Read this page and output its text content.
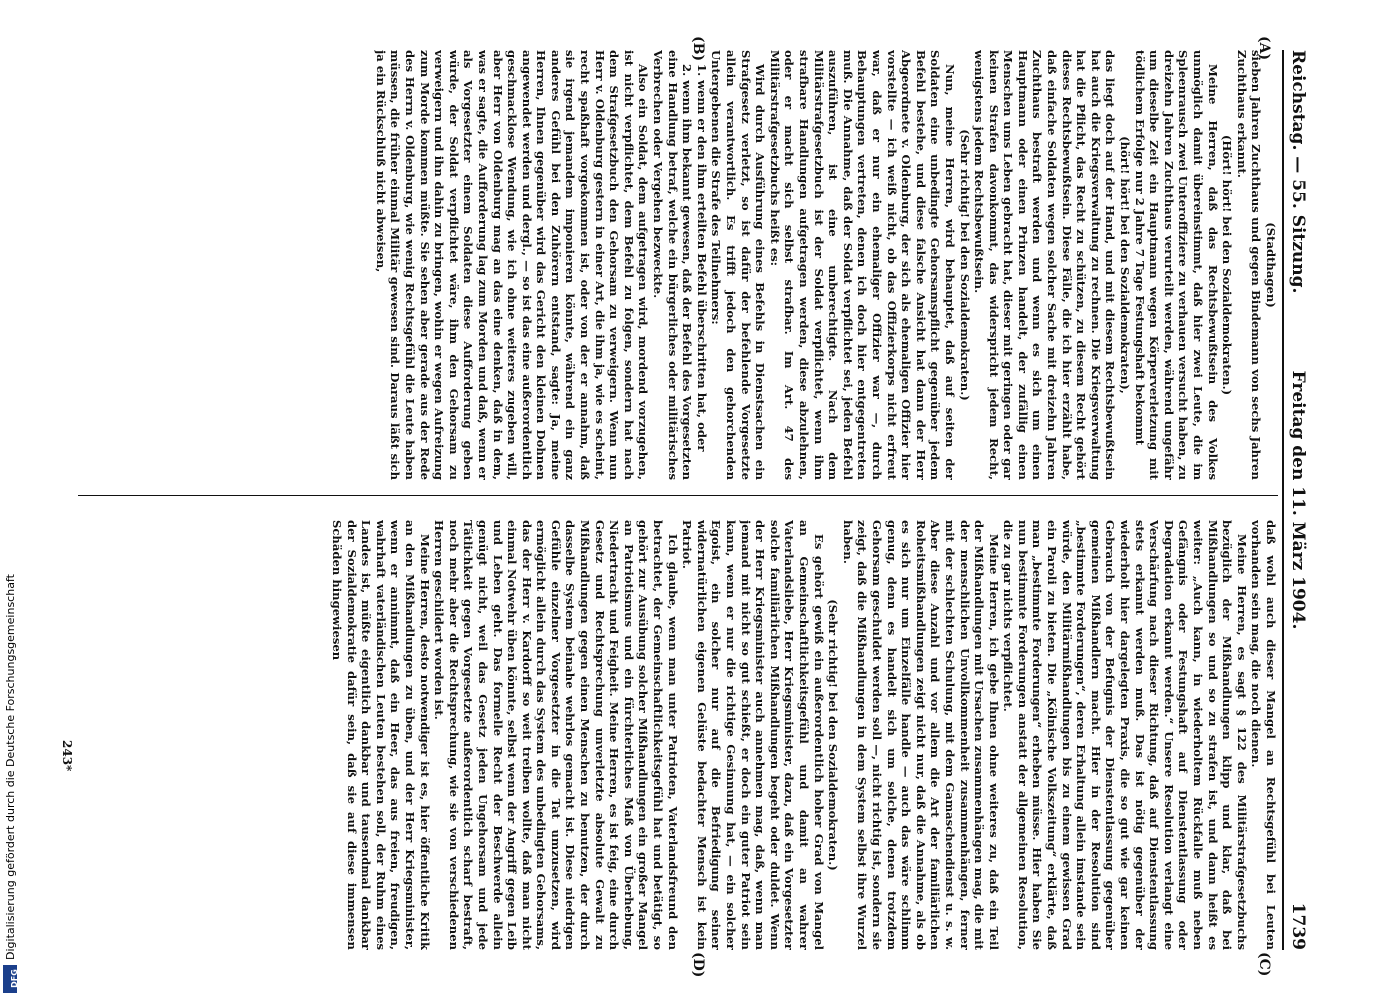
Digitalisierung gefördert durch die Deutsche Forschungsgemeinschaft
DFG
Reichstag. — 55. Sitzung.
Freitag den 11. März 1904.
1739
(A)
(B)
(C)
(D)

(Stadthagen)

sieben Jahren Zuchthaus und gegen Bindemann von sechs Jahren Zuchthaus erkannt.

(Hört! hört! bei den Sozialdemokraten.)

Meine Herren, daß das Rechtsbewußtsein des Volkes unmöglich damit übereinstimmt, daß hier zwei Leute, die im Spleenrausch zwei Unteroffiziere zu verhauen versucht haben, zu dreizehn Jahren Zuchthaus verurteilt werden, während ungefähr um dieselbe Zeit ein Hauptmann wegen Körperverletzung mit tödlichem Erfolge nur 2 Jahre 7 Tage Festungshaft bekommt

(hört! hört! bei den Sozialdemokraten),

das liegt doch auf der Hand, und mit diesem Rechtsbewußtsein hat auch die Kriegsverwaltung zu rechnen. Die Kriegsverwaltung hat die Pflicht, das Recht zu schützen, zu diesem Recht gehört dieses Rechtsbewußtsein. Diese Fälle, die ich hier erzählt habe, daß einfache Soldaten wegen solcher Sache mit dreizehn Jahren Zuchthaus bestraft werden und wenn es sich um einen Hauptmann oder einen Prinzen handelt, der zufällig einen Menschen ums Leben gebracht hat, dieser mit geringen oder gar keinen Strafen davonkommt, das widerspricht jedem Recht, wenigstens jedem Rechtsbewußtsein.

(Sehr richtig! bei den Sozialdemokraten.)

Nun, meine Herren, wird behauptet, daß auf seiten der Soldaten eine unbedingte Gehorsamspflicht gegenüber jedem Befehl bestehe, und diese falsche Ansicht hat dann der Herr Abgeordnete v. Oldenburg, der sich als ehemaligen Offizier hier vorstellte — ich weiß nicht, ob das Offizierkorps nicht erfreut war, daß er nur ein ehemaliger Offizier war —, durch Behauptungen vertreten, denen ich doch hier entgegentreten muß. Die Annahme, daß der Soldat verpflichtet sei, jeden Befehl auszuführen, ist eine unberechtigte. Nach dem Militärstrafgesetzbuch ist der Soldat verpflichtet, wenn ihm strafbare Handlungen aufgetragen werden, diese abzulehnen, oder er macht sich selbst strafbar. Im Art. 47 des Militärstrafgesetzbuchs heißt es:

Wird durch Ausführung eines Befehls in Dienstsachen ein Strafgesetz verletzt, so ist dafür der befehlende Vorgesetzte allein verantwortlich. Es trifft jedoch den gehorchenden Untergebenen die Strafe des Teilnehmers:

1. wenn er den ihm erteilten Befehl überschritten hat, oder

2. wenn ihm bekannt gewesen, daß der Befehl des Vorgesetzten eine Handlung betraf, welche ein bürgerliches oder militärisches Verbrechen oder Vergehen bezweckte.

Also ein Soldat, dem aufgetragen wird, mordend vorzugehen, ist nicht verpflichtet, dem Befehl zu folgen, sondern hat nach dem Strafgesetzbuch den Gehorsam zu verweigern. Wenn nun Herr v. Oldenburg gestern in einer Art, die ihm ja, wie es scheint, recht spaßhaft vorgekommen ist, oder von der er annahm, daß sie irgend jemandem imponieren könnte, während ein ganz anderes Gefühl bei den Zuhörern entstand, sagte: Ja, meine Herren, Ihnen gegenüber wird das Gericht den kleinen Dohnen angewendet werden und dergl., — so ist das eine außerordentlich geschmacklose Wendung, wie ich ohne weiteres zugeben will, aber Herr von Oldenburg mag an das eine denken, daß in dem, was er sagte, die Aufforderung lag zum Morden und daß, wenn er als Vorgesetzter einem Soldaten diese Aufforderung geben würde, der Soldat verpflichtet wäre, ihm den Gehorsam zu verweigern und ihn dahin zu bringen, wohin er wegen Aufreizung zum Morde kommen müßte. Sie sehen aber gerade aus der Rede des Herrn v. Oldenburg, wie wenig Rechtsgefühl die Leute haben müssen, die früher einmal Militär gewesen sind. Daraus läßt sich ja ein Rückschluß nicht abweisen,

daß wohl auch dieser Mangel an Rechtsgefühl bei Leuten vorhanden sein mag, die noch dienen.

Meine Herren, es sagt § 122 des Militärstrafgesetzbuchs bezüglich der Mißhandlungen klipp und klar, daß bei Mißhandlungen so und so zu strafen ist, und dann heißt es weiter: „Auch kann, in wiederholtem Rückfalle muß neben Gefängnis oder Festungshaft auf Dienstentlassung oder Degradation erkannt werden.“ Unsere Resolution verlangt eine Verschärfung nach dieser Richtung, daß auf Dienstentlassung stets erkannt werden muß. Das ist nötig gegenüber der wiederholt hier dargelegten Praxis, die so gut wie gar keinen Gebrauch von der Befugnis der Dienstentlassung gegenüber gemeinen Mißhandlern macht. Hier in der Resolution sind „bestimmte Forderungen“, deren Erhaltung allein imstande sein würde, den Militärmißhandlungen bis zu einem gewissen Grad ein Paroli zu bieten. Die „Kölnische Volkszeitung“ erklärte, daß man „bestimmte Forderungen“ erheben müsse. Hier haben Sie nun bestimmte Forderungen anstatt der allgemeinen Resolution, die zu gar nichts verpflichtet.

Meine Herren, ich gebe Ihnen ohne weiteres zu, daß ein Teil der Mißhandlungen mit Ursachen zusammenhängen mag, die mit der menschlichen Unvollkommenheit zusammenhängen, ferner mit der schlechten Schulung, mit dem Gamaschendienst u. s. w. Aber diese Anzahl und vor allem die Art der familiärlichen Roheitsmißhandlungen zeigt nicht nur, daß die Annahme, als ob es sich nur um Einzelfälle handle — auch das wäre schlimm genug, denn es handelt sich um solche, denen trotzdem Gehorsam geschuldet werden soll —, nicht richtig ist, sondern sie zeigt, daß die Mißhandlungen in dem System selbst ihre Wurzel haben.

(Sehr richtig! bei den Sozialdemokraten.)

Es gehört gewiß ein außerordentlich hoher Grad von Mangel an Gemeinschaftlichkeitsgefühl und damit an wahrer Vaterlandsliebe, Herr Kriegsminister, dazu, daß ein Vorgesetzter solche familiärlichen Mißhandlungen begeht oder duldet. Wenn der Herr Kriegsminister auch annehmen mag, daß, wenn man jemand mit nicht so gut schießt, er doch ein guter Patriot sein kann, wenn er nur die richtige Gesinnung hat, — ein solcher Egoist, ein solcher nur auf die Befriedigung seiner widernatürlichen eigenen Gelüste bedachter Mensch ist kein Patriot.

Ich glaube, wenn man unter Patrioten, Vaterlandsfreund den betrachtet, der Gemeinschaftlichkeitsgefühl hat und betätigt, so gehört zur Ausübung solcher Mißhandlungen ein großer Mangel an Patriotismus und ein fürchterliches Maß von Überhebung, Niedertracht und Feigheit. Meine Herren, es ist feig, eine durch Gesetz und Rechtsprechung unverletzte absolute Gewalt zu Mißhandlungen gegen einen Menschen zu benutzen, der durch dasselbe System beinahe wehrlos gemacht ist. Diese niedrigen Gefühle einzelner Vorgesetzter in die Tat umzusetzen, wird ermöglicht allein durch das System des unbedingten Gehorsams, das der Herr v. Kardorff so weit treiben wollte, daß man nicht einmal Notwehr üben könnte, selbst wenn der Angriff gegen Leib und Leben geht. Das formelle Recht der Beschwerde allein genügt nicht, weil das Gesetz jeden Ungehorsam und jede Tätlichkeit gegen Vorgesetzte außerordentlich scharf bestraft, noch mehr aber die Rechtsprechung, wie sie von verschiedenen Herren geschildert worden ist.

Meine Herren, desto notwendiger ist es, hier öffentliche Kritik an den Mißhandlungen zu üben, und der Herr Kriegsminister, wenn er annimmt, daß ein Heer, das aus freien, freudigen, wahrhaft vaterländischen Leuten bestehen soll, der Ruhm eines Landes ist, müßte eigentlich dankbar und tausendmal dankbar der Sozialdemokratie dafür sein, daß sie auf diese immensen Schäden hingewiesen

243*
